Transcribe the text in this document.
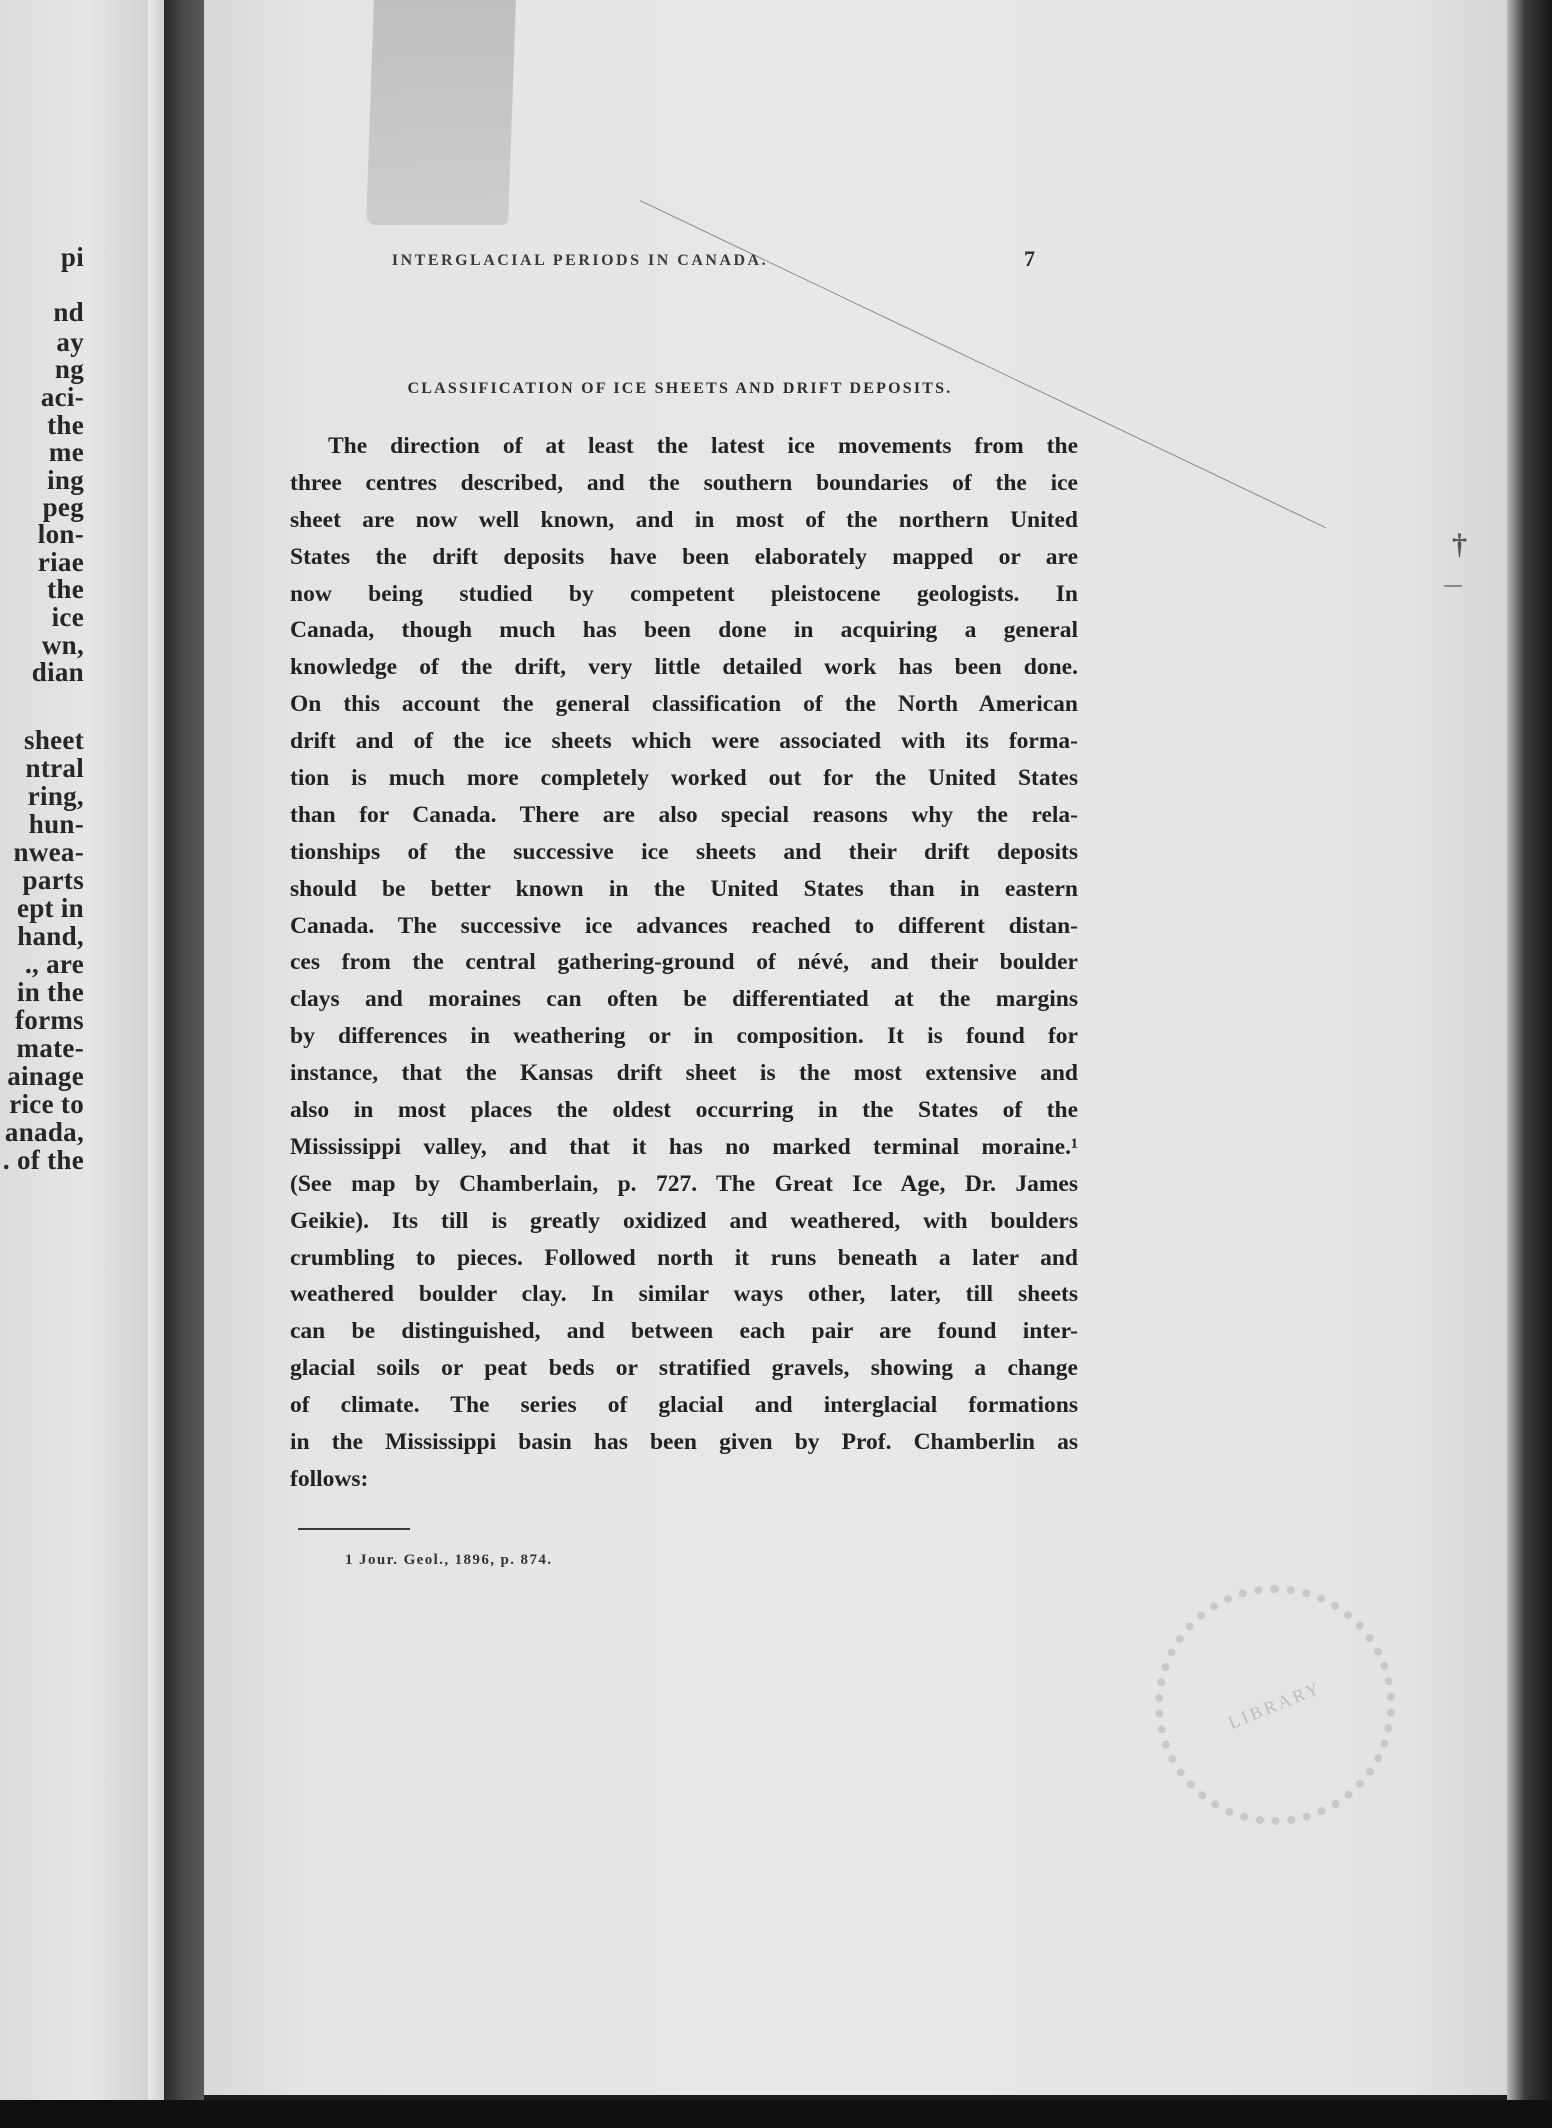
pi
nd
ay
ng
aci-
the
me
ing
peg
lon-
riae
the
ice
wn,
dian
sheet
ntral
ring,
hun-
nwea-
parts
ept in
hand,
., are
in the
forms
mate-
ainage
rice to
anada,
. of the
INTERGLACIAL PERIODS IN CANADA.	7
CLASSIFICATION OF ICE SHEETS AND DRIFT DEPOSITS.
The direction of at least the latest ice movements from the
three centres described, and the southern boundaries of the ice
sheet are now well known, and in most of the northern United
States the drift deposits have been elaborately mapped or are
now being studied by competent pleistocene geologists. In
Canada, though much has been done in acquiring a general
knowledge of the drift, very little detailed work has been done.
On this account the general classification of the North American
drift and of the ice sheets which were associated with its forma-
tion is much more completely worked out for the United States
than for Canada. There are also special reasons why the rela-
tionships of the successive ice sheets and their drift deposits
should be better known in the United States than in eastern
Canada. The successive ice advances reached to different distan-
ces from the central gathering-ground of névé, and their boulder
clays and moraines can often be differentiated at the margins
by differences in weathering or in composition. It is found for
instance, that the Kansas drift sheet is the most extensive and
also in most places the oldest occurring in the States of the
Mississippi valley, and that it has no marked terminal moraine.¹
(See map by Chamberlain, p. 727. The Great Ice Age, Dr. James
Geikie). Its till is greatly oxidized and weathered, with boulders
crumbling to pieces. Followed north it runs beneath a later and
weathered boulder clay. In similar ways other, later, till sheets
can be distinguished, and between each pair are found inter-
glacial soils or peat beds or stratified gravels, showing a change
of climate. The series of glacial and interglacial formations
in the Mississippi basin has been given by Prof. Chamberlin as
follows:
1 Jour. Geol., 1896, p. 874.
LIBRARY
†
